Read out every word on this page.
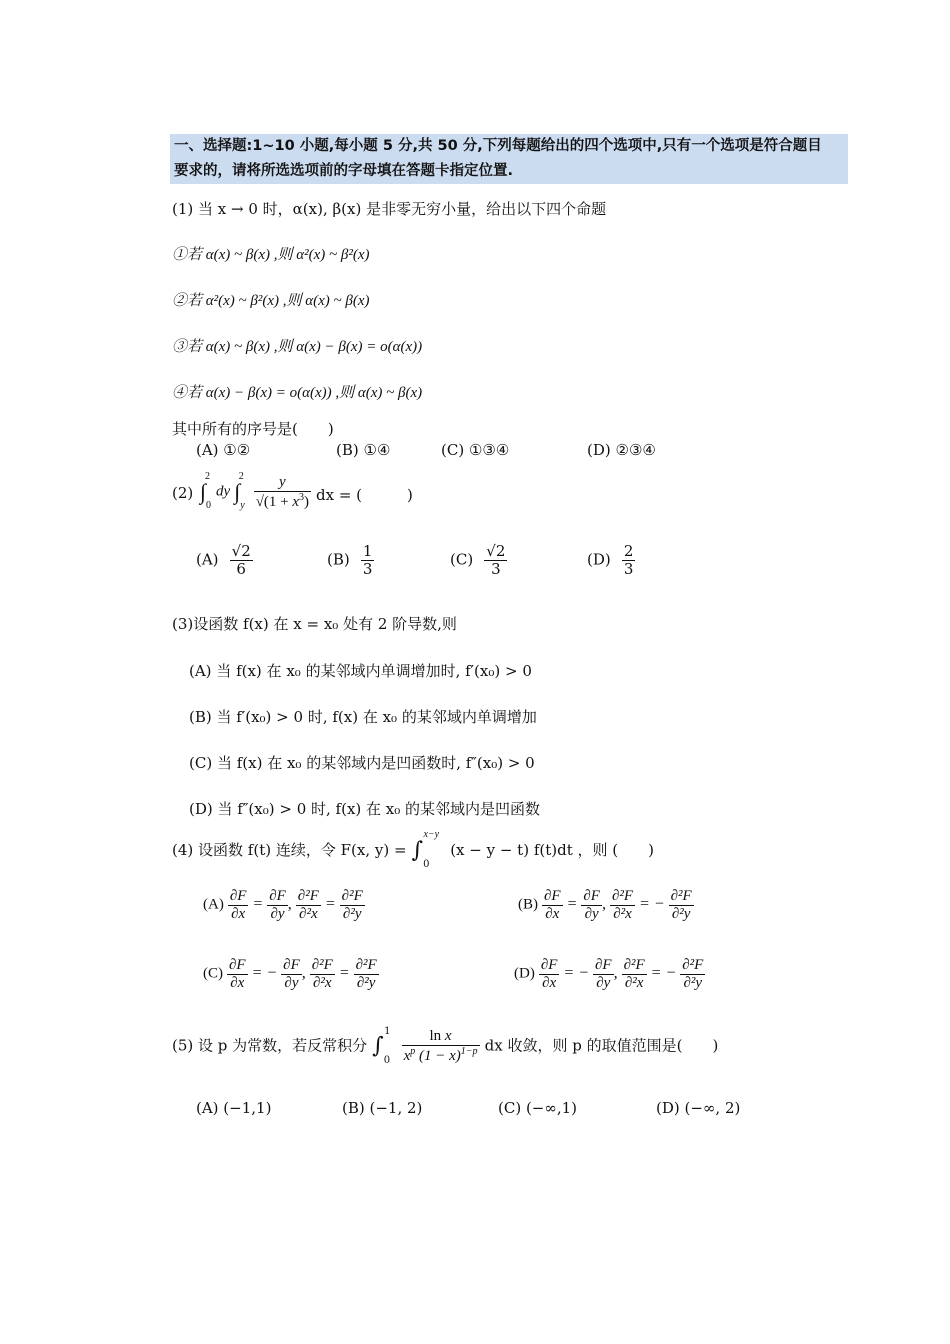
一、选择题:1~10 小题,每小题 5 分,共 50 分,下列每题给出的四个选项中,只有一个选项是符合题目
要求的，请将所选选项前的字母填在答题卡指定位置.
(1) 当 x → 0 时，α(x), β(x) 是非零无穷小量，给出以下四个命题
①若 α(x) ~ β(x) ,则 α²(x) ~ β²(x)
②若 α²(x) ~ β²(x) ,则 α(x) ~ β(x)
③若 α(x) ~ β(x) ,则 α(x) − β(x) = o(α(x))
④若 α(x) − β(x) = o(α(x)) ,则 α(x) ~ β(x)
其中所有的序号是(　　)
(A) ①②	(B) ①④	(C) ①③④	(D) ②③④
(2) $\int_0^2dy$ $\int_y^2 \frac{y}{√(1 + x^3)}$ dx = (　　　)
$(A) \frac{√2}{6}$	$(B) \frac{1}{3}$	$(C) \frac{√2}{3}$	$(D) \frac{2}{3}$
(3)设函数 f(x) 在 x = x₀ 处有 2 阶导数,则
(A) 当 f(x) 在 x₀ 的某邻域内单调增加时, f′(x₀) > 0
(B) 当 f′(x₀) > 0 时, f(x) 在 x₀ 的某邻域内单调增加
(C) 当 f(x) 在 x₀ 的某邻域内是凹函数时, f″(x₀) > 0
(D) 当 f″(x₀) > 0 时, f(x) 在 x₀ 的某邻域内是凹函数
(4) 设函数 f(t) 连续，令 F(x, $y) = \int_0^{x-y}$ (x − y − t) f(t)dt ，则 (　　)
$(A) \frac{\partial F}{\partial x} = \frac{\partial F}{\partial y}$ , $\frac{\text{∂²F}}{\text{∂²x}} = \frac{\text{∂²F}}{\text{∂²y}}$	$(B) \frac{\partial F}{\partial x} = \frac{\partial F}{\partial y}$ , $\frac{\text{∂²F}}{\text{∂²x}}$ = − $\frac{\text{∂²F}}{\text{∂²y}}$
$(C) \frac{\partial F}{\partial x}$ = − $\frac{\partial F}{\partial y}$ , $\frac{\text{∂²F}}{\text{∂²x}} = \frac{\text{∂²F}}{\text{∂²y}}$	$(D) \frac{\partial F}{\partial x}$ = − $\frac{\partial F}{\partial y}$ , $\frac{\text{∂²F}}{\text{∂²x}}$ = − $\frac{\text{∂²F}}{\text{∂²y}}$
(5) 设 p 为常数，若反常积分 $\int_0^1 \frac{\text{ln x}}{x^p (1 - x)^{1-p}}$ dx 收敛，则 p 的取值范围是(　　)
(A) (−1,1)	(B) (−1, 2)	(C) (−∞,1)	(D) (−∞, 2)
